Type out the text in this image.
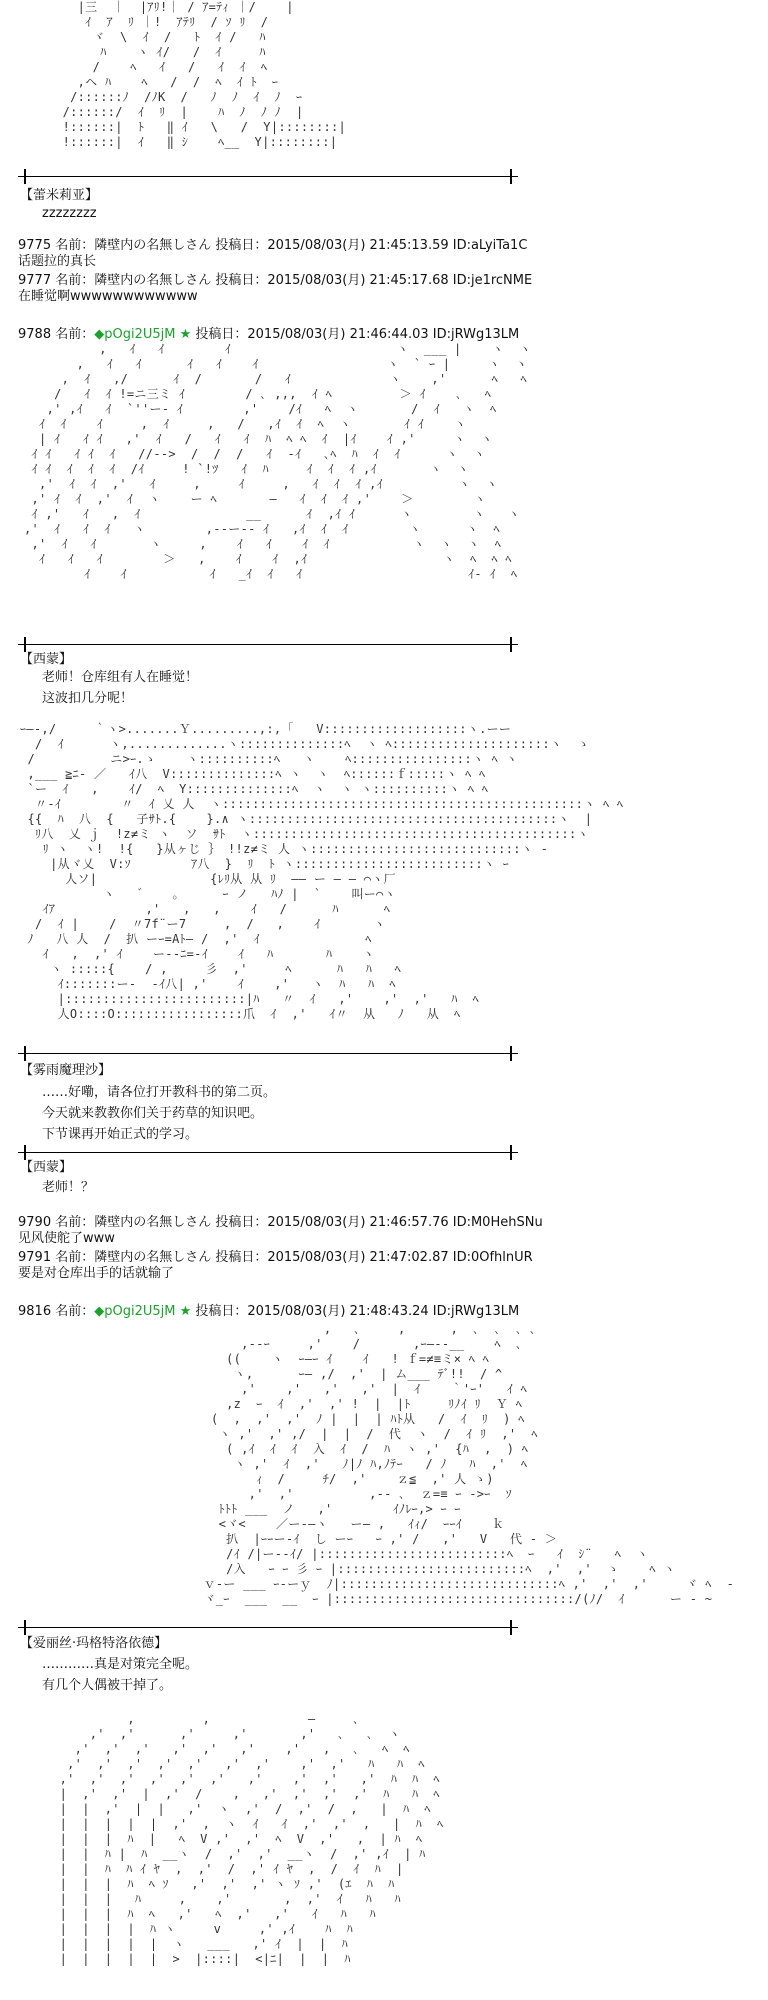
|三  ｜  |ｱﾘ!｜ / ｱ=ﾃｨ ｜/    |
ｲ  ｱ  ﾘ ｜!  ｱﾃﾘ  / ｿ ﾘ  /
ヾ  \  ｲ  /   ﾄ  ｲ /   ﾊ
ﾊ    ヽ ｲ/   /  ｲ     ﾊ
/    ﾍ   ｲ   /   ｲ  ｲ  ﾍ
,ヘ ﾊ    ﾍ   /  /  ﾍ  ｲ ﾄ  ｰ
/::::::ﾉ  /ﾉK  /   ﾉ  ﾉ  ｲ  ﾉ  ｰ
/::::::/  ｲ  ﾘ  |    ﾊ  ﾉ  ﾉ ﾉ  |
!::::::|  ﾄ   ‖ ｲ   \   /  Y|::::::::|
!::::::|  ｲ   ‖ ｼ    ﾍ__  Y|::::::::|
【蕾米莉亚】
zzzzzzzz
9775 名前：隣壁内の名無しさん 投稿日：2015/08/03(月) 21:45:13.59 ID:aLyiTa1C
话题拉的真长
9777 名前：隣壁内の名無しさん 投稿日：2015/08/03(月) 21:45:17.68 ID:je1rcNME
在睡觉啊wwwwwwwwwwww
9788 名前：◆pOgi2U5jM ★ 投稿日：2015/08/03(月) 21:46:44.03 ID:jRWg13LM
,   ｲ   ｲ        ｲ                      ヽ  ___ |    ヽ  ヽ
,   ｲ   ｲ      ｲ   ｲ    ｲ                 ヽ  ` ｰ |     ヽ  ヽ
,  ｲ   ,/      ｲ  /       /   ｲ             ヽ    ,'      ﾍ   ﾍ
/   ｲ  ｲ !=ニ三ミ ｲ        / ､ ,,,  ｲ ﾍ         ＞ ｲ    ､   ﾍ
,' ,ｲ   ｲ  `''ー- ｲ        ,'    /ｲ   ﾍ  ヽ       /  ｲ   ヽ  ﾍ
ｲ  ｲ    ｲ     ,  ｲ     ,   /   ,ｲ  ｲ  ﾍ  ヽ       ｲ ｲ    ヽ
| ｲ   ｲ ｲ   ,'  ｲ   /   ｲ   ｲ  ﾊ  ﾍ ﾍ  ｲ  |ｲ    ｲ ,'     ヽ  ヽ
ｲ ｲ   ｲ ｲ  ｲ   //-->  /  /  /   ｲ  -ｲ   ､ﾍ  ﾊ  ｲ  ｲ      ヽ  ヽ
ｲ ｲ  ｲ  ｲ  ｲ  /ｲ     ! `!ﾂ   ｲ  ﾊ     ｲ  ｲ  ｲ ,ｲ       ヽ  ヽ
,'  ｲ  ｲ  ,'   ｲ     ,     ｲ     ,   ｲ  ｲ  ｲ ,ｲ          ヽ  ヽ
,' ｲ  ｲ  ,'  ｲ  ヽ    ー ﾍ       ―   ｲ  ｲ  ｲ ,'    ＞        ヽ
ｲ ,'   ｲ   ,  ｲ              __      ｲ  ,ｲ ｲ      ヽ        ヽ   ヽ
,'  ｲ   ｲ  ｲ   ヽ        ,--ー-- ｲ   ,ｲ  ｲ  ｲ        ヽ      ヽ  ﾍ
,'  ｲ   ｲ       ヽ     ,    ｲ   ｲ    ｲ  ｲ           ヽ  ヽ  ヽ  ﾍ
ｲ   ｲ   ｲ        ＞   ,    ｲ    ｲ  ,ｲ                  ヽ  ﾍ  ﾍ ﾍ
ｲ    ｲ           ｲ   _ｲ  ｲ   ｲ                      ｲ- ｲ  ﾍ
【西蒙】
老师！仓库组有人在睡觉！
这波扣几分呢！
ｰ―-,/     ｀ヽ>.......Ｙ.........,:,「   V:::::::::::::::::::ヽ.ーー
/  ｲ      ヽ,.............ヽ::::::::::::::ﾍ  ヽ ﾍ:::::::::::::::::::::ヽ  ゝ
/          ニ>ｰ.ゝ    ヽ::::::::::ﾍ   ヽ    ﾍ::::::::::::::::ヽ ﾍ ヽ
,___ ≧ﾆ- ／   ｲ八  V::::::::::::::ﾍ ヽ  ヽ  ﾍ::::::ｆ:::::ヽ ﾍ ﾍ
`ー  ｲ   ,    ｲ/  ﾍ  Y::::::::::::::ﾍ  ヽ  ヽ ヽ::::::::::ヽ ﾍ ﾍ
〃-ｲ        〃  ｲ 乂 人  ヽ::::::::::::::::::::::::::::::::::::::::::::::::ヽ ﾍ ﾍ
{{  ﾊ  八  {   子ｻﾄ.{    }.∧ ヽ:::::::::::::::::::::::::::::::::::::::::ヽ  |
ﾘ八  乂 ｊ  !z≠ミ ヽ  ソ  ｻﾄ  ヽ:::::::::::::::::::::::::::::::::::::::::::ヽ
ﾘ ヽ  ヽ!  !{   }从ヶじ ｝ !!z≠ミ 人 ヽ::::::::::::::::::::::::::::ヽ -
|从ヾ乂  V:ｿ        ｱ八  }  ﾘ  ﾄ ヽ:::::::::::::::::::::::::ヽ ｰ
人ソ|               {ﾚﾘ从 从 ﾘ  ―― ー ― ― ⌒ヽ厂
ヽ   ゛   。     ｰ ノ   ﾊﾉ |  `    叫ー⌒ヽ
ｲｱ            ,'   ,   ,    ｲ   /      ﾊ      ﾍ
/  ｲ |    /  〃7f¨ー7     ,  /   ,    ｲ       ヽ
ﾉ   八 人  /  扒 ーｰ=Aﾄ― /  ,'  ｲ              ﾍ
ｲ   ,  ,' ｲ    ー-‐ﾆ=-ｲ    ｲ   ﾊ       ﾊ    ヽ
ヽ :::::{    / ,     彡  ,'     ﾍ      ﾊ   ﾊ   ﾍ
ｲ:::::::ー-  -ｲ八| ,'    ｲ    ,'   ヽ  ﾊ   ﾊ  ﾍ
|::::::::::::::::::::::::|ﾊ   〃  ｲ   ,'    ,'  ,'   ﾊ  ﾍ
人O::::O:::::::::::::::::爪  ｲ  ,'   ｲ〃  从   ﾉ   从  ﾍ
【雾雨魔理沙】
……好嘞，请各位打开教科书的第二页。
今天就来教教你们关于药草的知识吧。
下节课再开始正式的学习。
【西蒙】
老师！？
9790 名前：隣壁内の名無しさん 投稿日：2015/08/03(月) 21:46:57.76 ID:M0HehSNu
见风使舵了www
9791 名前：隣壁内の名無しさん 投稿日：2015/08/03(月) 21:47:02.87 ID:0OfhlnUR
要是对仓库出手的话就输了
9816 名前：◆pOgi2U5jM ★ 投稿日：2015/08/03(月) 21:48:43.24 ID:jRWg13LM
,   ､     ,      ,  ､  ､  ､ ､
,--ｰ     ,'    /       ,ｰ―‐-__    ﾍ  ､
((    ヽ  ｰ―ｰ ｲ    ｲ   ! ｆ=≠≡ミ× ﾍ ﾍ
ヽ,      ｰ― ,/  ,'  | ム___ ﾃﾞ!!  / ^
,'    ,'   ,'   ,'  |  ｲ    ｀'ｰ'   ｲ ﾍ
,z  ｰ  ｲ  ,'  ,' !  |  |ﾄ     ﾘﾉｲ ﾘ  Ｙ ﾍ
(  ,  ,'  ,'  ﾉ |  |  | ﾊﾄ从   /  ｲ  ﾘ  ) ﾍ
ヽ ,'  ,' ,/  |  |  /  代  ヽ  /  ｲ ﾘ  ,'  ﾍ
( ,ｲ  ｲ  ｲ  入  ｲ  /  ﾊ  ヽ ,'  {ﾊ  ,  ) ﾍ
ヽ ,'  ｲ  ,'   ﾉ|ﾉ ﾊ,ﾉﾃｰ   / ﾉ   ﾊ  ,'  ﾍ
ｨ  /     ﾁ/  ,'    ｚ≦  ,' 人 ゝ)
,'  ,'          ,-‐ ､  ｚ=≡ ｰ ->ｰ  ｿ
ﾄﾄﾄ ___  ノ   ,'        ｲﾉﾚｰ,> ｰ ｰ
<ヾ<    ／ー-―ヽ   ー― ,   ｲｨ/  ｰｰｲ    ｋ
扒  |ｰｰー-ｲ  し ーｰ   ｰ ,' /   ,'   V   代 ‐ ＞
/ｲ /|ー-‐ｲ/ |:::::::::::::::::::::::::ﾍ  ｰ   ｲ  ｼ¨   ﾍ  ヽ
/入   ｰ ｰ 彡 ｰ |:::::::::::::::::::::::::ﾍ  ,'  ,'  ゝ    ﾍ ヽ
ｖ‐ー ___ ｰ‐ーｙ  ﾉ|:::::::::::::::::::::::::::::ﾍ ,'  ,'  ,'     ヾ ﾍ  ‐
ヾ_ｰ  ___  __  ｰ |::::::::::::::::::::::::::::::::/(ﾉ/  ｲ      ー ‐ ~
【爱丽丝·玛格特洛依德】
…………真是对策完全呢。
有几个人偶被干掉了。
,         ,             ―     ､
,'  ,'      ,'     ,'       ,'   ､   ､  ヽ
,'  ,'  ,'   ,'  ,'   ,'    ,'   ,   ､   ﾍ  ﾍ
,'  ,'  ,'  ,'  ,'   ,'  ,'    ,'  ,'   ﾊ   ﾊ  ﾍ
,'  ,'  ,'  ,'  ,'  ,'   ,'    ,'  ,'   ,'  ﾊ  ﾊ  ﾍ
|  ,'  ,'  |  ,'  /    ,   ,'  ,'  ,'  ,'  ﾊ   ﾊ  ﾍ
|  |  ,'  |  |   ,'  ヽ  ,'  /  ,'  /  ,   |  ﾊ  ﾍ
|  |  |  |  |  ,'  ,  ヽ  ｲ   ｲ  ,'  ,'  ,   |  ﾊ  ﾍ
|  |  |  ﾊ  |   ﾍ  V ,'  ,'  ﾍ  V  ,'   ,  | ﾊ  ﾍ
|  |  ﾊ |  ﾊ  __ヽ  /  ,'  ,'  __ヽ  /  ,' ,ｲ  | ﾊ
|  |  ﾊ  ﾊ ｲ ﾔ  ,  ,'  /  ,' ｲ ﾔ  ,  /  ｲ  ﾊ  |
|  |  |  ﾊ  ﾍ ｿ   ,'  ,'  ,' ヽ ｿ ,'  (ｴ  ﾊ  ﾊ
|  |  |   ﾊ     ,    ,'       ,  ,'  ｲ   ﾊ   ﾊ
|  |  |  ﾊ  ﾍ   ,'   ﾍ  ,'   ,'   ｲ   ﾊ   ﾊ
|  |  |  |  ﾊ ヽ     v     ,' ,ｲ    ﾊ  ﾊ
|  |  |  |  |  ヽ   ___   ,' ｲ  |  |  ﾊ
|  |  |  |  |  >  |::::|  <|ﾆ|  |  |  ﾊ
